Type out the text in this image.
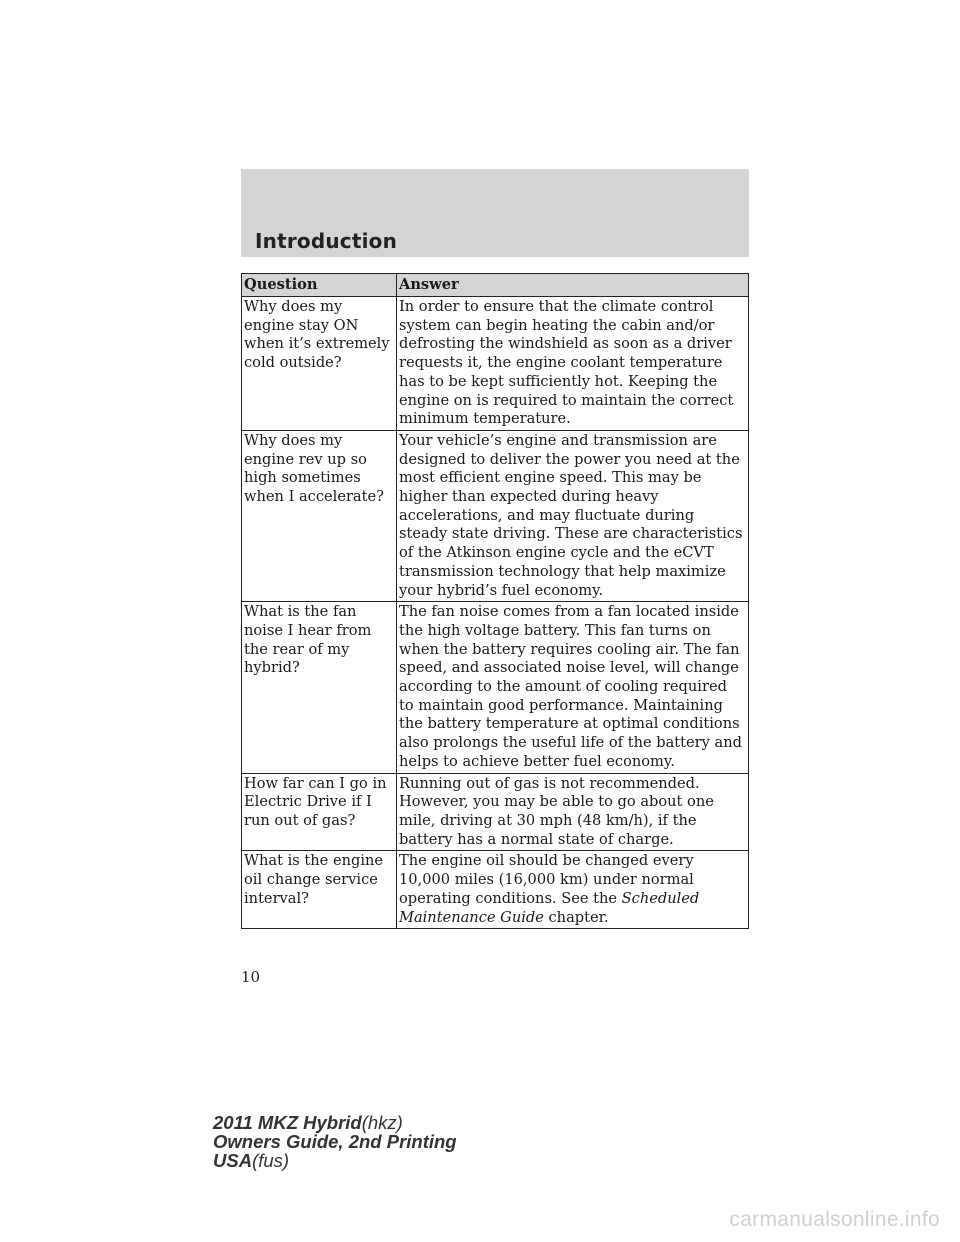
Introduction
Question	Answer
Why does my engine stay ON when it’s extremely cold outside?	In order to ensure that the climate control system can begin heating the cabin and/or defrosting the windshield as soon as a driver requests it, the engine coolant temperature has to be kept sufficiently hot. Keeping the engine on is required to maintain the correct minimum temperature.
Why does my engine rev up so high sometimes when I accelerate?	Your vehicle’s engine and transmission are designed to deliver the power you need at the most efficient engine speed. This may be higher than expected during heavy accelerations, and may fluctuate during steady state driving. These are characteristics of the Atkinson engine cycle and the eCVT transmission technology that help maximize your hybrid’s fuel economy.
What is the fan noise I hear from the rear of my hybrid?	The fan noise comes from a fan located inside the high voltage battery. This fan turns on when the battery requires cooling air. The fan speed, and associated noise level, will change according to the amount of cooling required to maintain good performance. Maintaining the battery temperature at optimal conditions also prolongs the useful life of the battery and helps to achieve better fuel economy.
How far can I go in Electric Drive if I run out of gas?	Running out of gas is not recommended. However, you may be able to go about one mile, driving at 30 mph (48 km/h), if the battery has a normal state of charge.
What is the engine oil change service interval?	The engine oil should be changed every 10,000 miles (16,000 km) under normal operating conditions. See the Scheduled Maintenance Guide chapter.
10
2011 MKZ Hybrid(hkz)
Owners Guide, 2nd Printing
USA(fus)
carmanualsonline.info
